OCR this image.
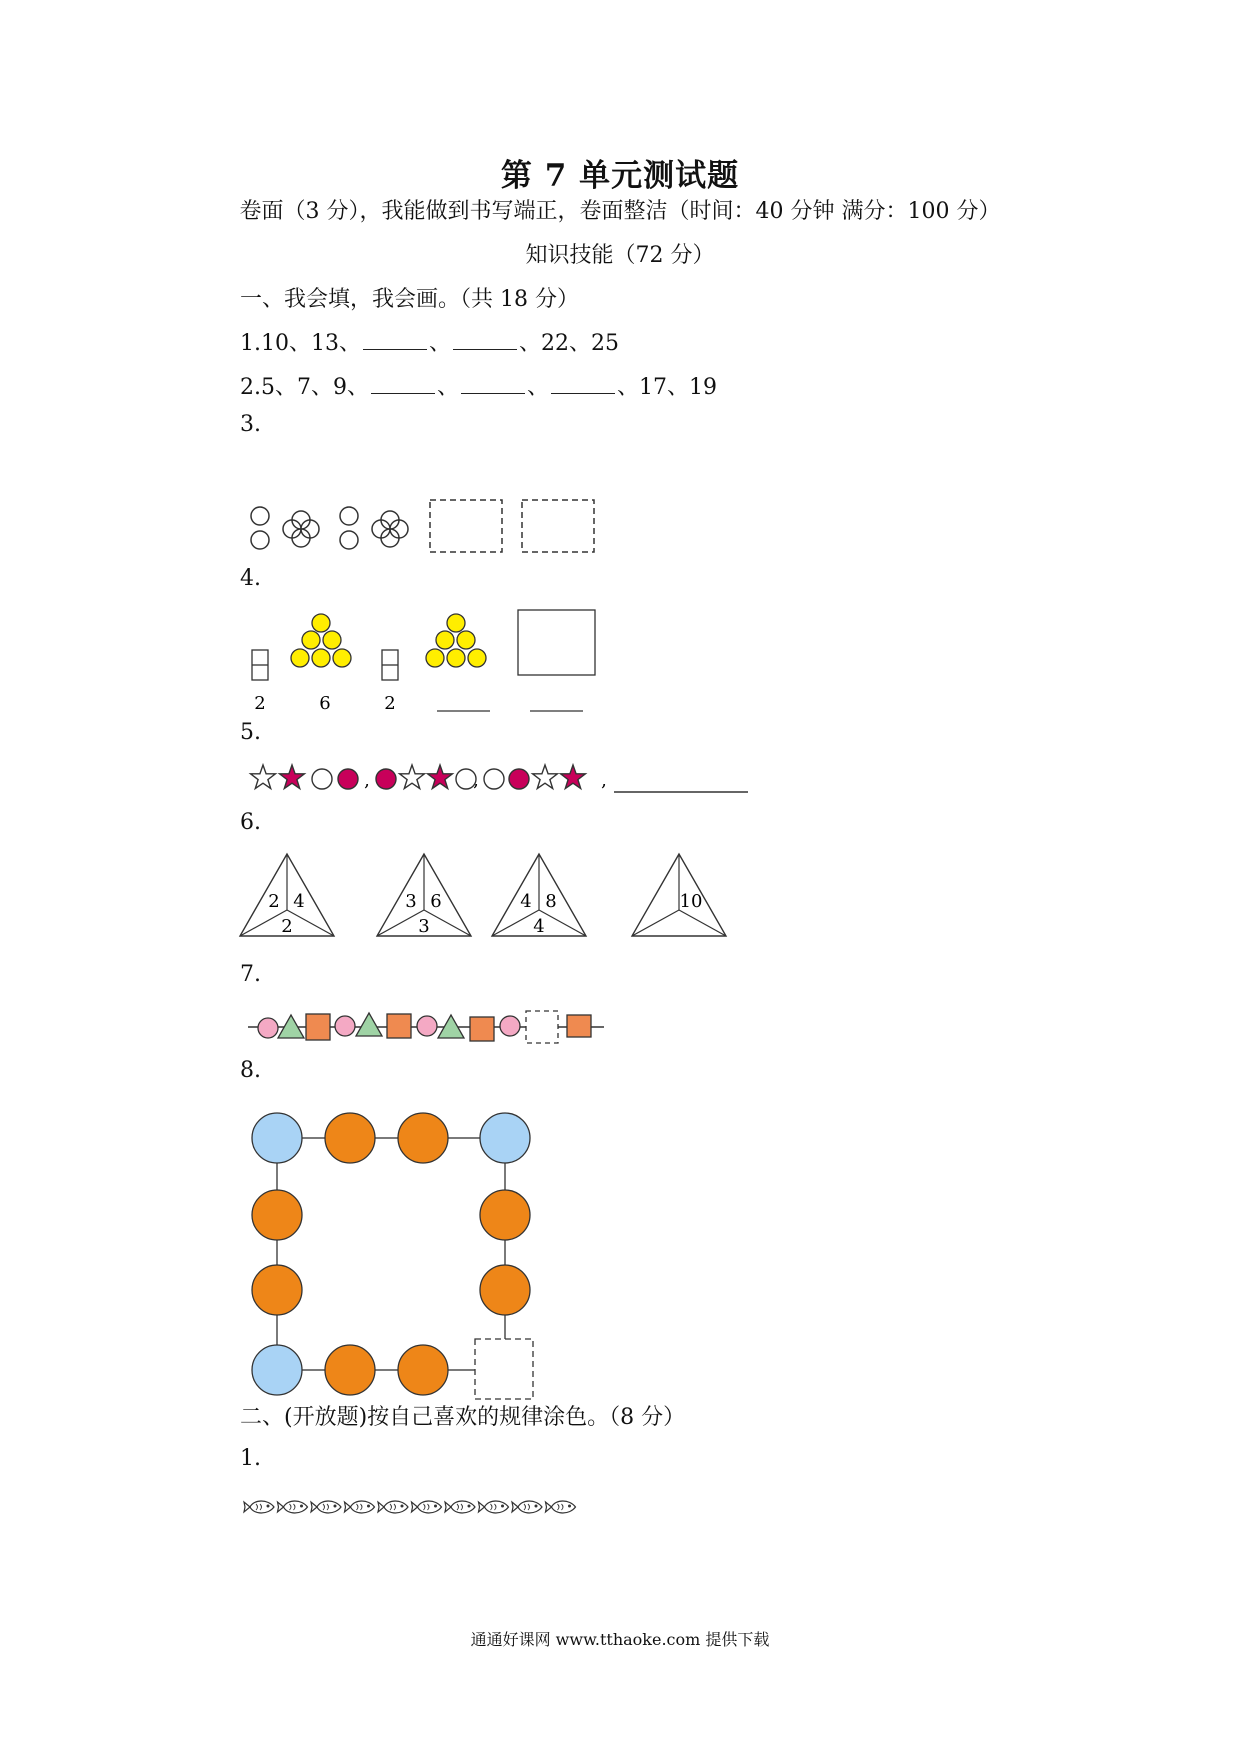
第 7 单元测试题
卷面（3 分），我能做到书写端正，卷面整洁（时间：40 分钟 满分：100 分）
知识技能（72 分）
一、我会填，我会画。（共 18 分）
1.10、13、	、	、22、25
2.5、7、9、	、	、	、17、19
3.
4.
2	6	2
5.
,	,	,
6.
2 4
2
3 6
3
4 8
4
10
7.
8.
二、(开放题)按自己喜欢的规律涂色。（8 分）
1.
通通好课网 www.tthaoke.com 提供下载
